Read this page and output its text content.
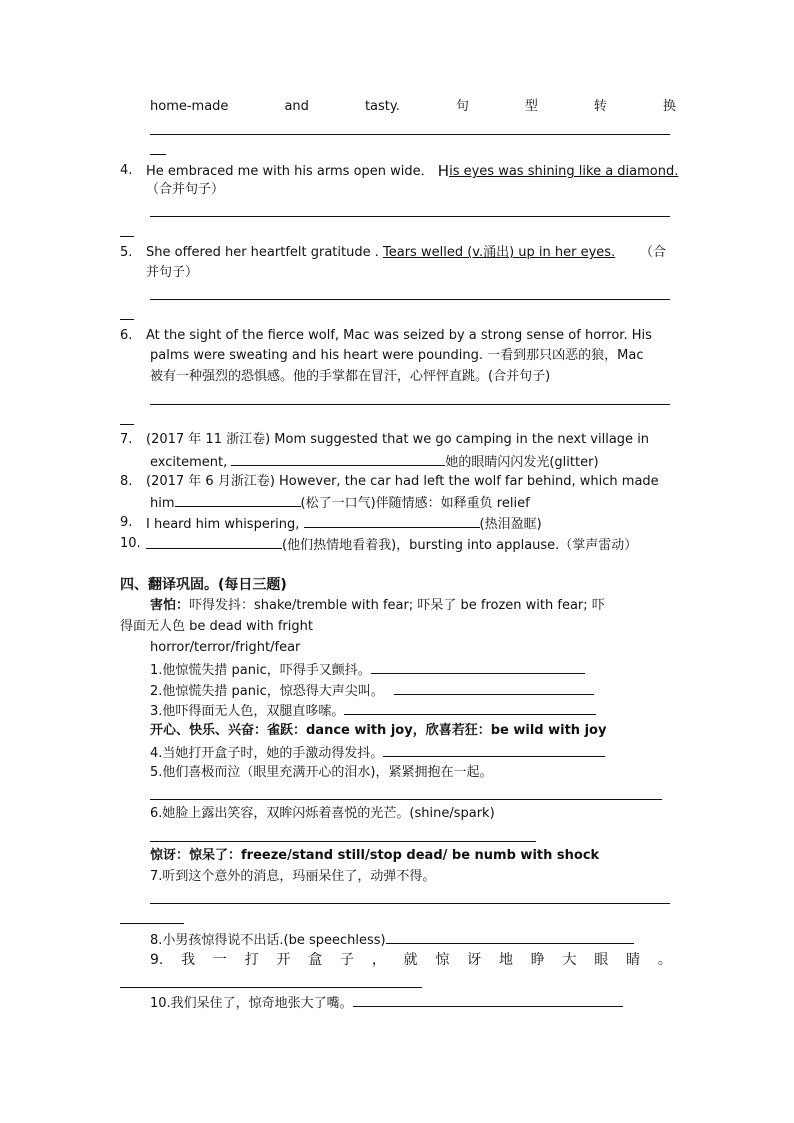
home-made	and	tasty.	句	型	转	换
4. He embraced me with his arms open wide． His eyes was shining like a diamond.
（合并句子）
5. She offered her heartfelt gratitude . Tears welled (v.涌出) up in her eyes. （合
并句子）
6. At the sight of the fierce wolf, Mac was seized by a strong sense of horror. His
palms were sweating and his heart were pounding. 一看到那只凶恶的狼，Mac
被有一种强烈的恐惧感。他的手掌都在冒汗，心怦怦直跳。(合并句子)
7. (2017 年 11 浙江卷) Mom suggested that we go camping in the next village in
excitement,	她的眼睛闪闪发光(glitter)
8. (2017 年 6 月浙江卷) However, the car had left the wolf far behind, which made
him	(松了一口气)伴随情感：如释重负 relief
9. I heard him whispering,	(热泪盈眶)
10.	(他们热情地看着我)，bursting into applause.（掌声雷动）
四、翻译巩固。(每日三题)
害怕：吓得发抖：shake/tremble with fear; 吓呆了 be frozen with fear; 吓
得面无人色 be dead with fright
horror/terror/fright/fear
1.他惊慌失措 panic，吓得手又颤抖。
2.他惊慌失措 panic，惊恐得大声尖叫。
3.他吓得面无人色，双腿直哆嗦。
开心、快乐、兴奋：雀跃：dance with joy，欣喜若狂：be wild with joy
4.当她打开盒子时，她的手激动得发抖。
5.他们喜极而泣（眼里充满开心的泪水)，紧紧拥抱在一起。
6.她脸上露出笑容，双眸闪烁着喜悦的光芒。(shine/spark)
惊讶：惊呆了：freeze/stand still/stop dead/ be numb with shock
7.听到这个意外的消息，玛丽呆住了，动弹不得。
8.小男孩惊得说不出话.(be speechless)
9. 我 一 打 开 盒 子 ， 就 惊 讶 地 睁 大 眼 睛 。
10.我们呆住了，惊奇地张大了嘴。
